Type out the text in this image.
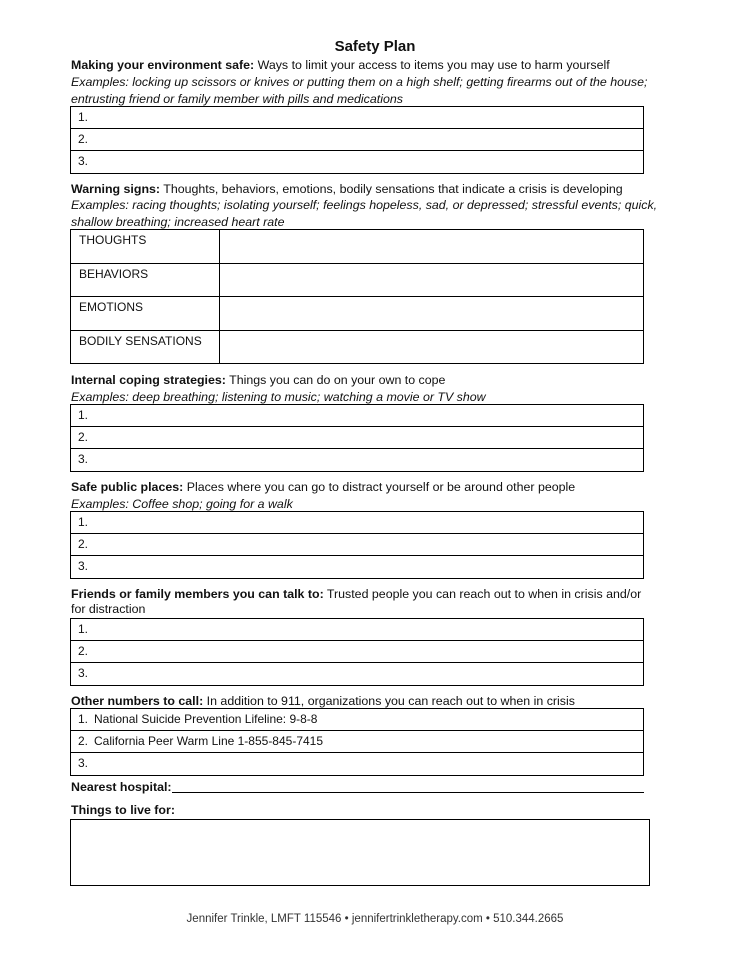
Safety Plan
Making your environment safe: Ways to limit your access to items you may use to harm yourself
Examples: locking up scissors or knives or putting them on a high shelf; getting firearms out of the house; entrusting friend or family member with pills and medications
1.
2.
3.
Warning signs: Thoughts, behaviors, emotions, bodily sensations that indicate a crisis is developing
Examples: racing thoughts; isolating yourself; feelings hopeless, sad, or depressed; stressful events; quick, shallow breathing; increased heart rate
THOUGHTS
BEHAVIORS
EMOTIONS
BODILY SENSATIONS
Internal coping strategies: Things you can do on your own to cope
Examples: deep breathing; listening to music; watching a movie or TV show
1.
2.
3.
Safe public places: Places where you can go to distract yourself or be around other people
Examples: Coffee shop; going for a walk
1.
2.
3.
Friends or family members you can talk to: Trusted people you can reach out to when in crisis and/or for distraction
1.
2.
3.
Other numbers to call: In addition to 911, organizations you can reach out to when in crisis
1. National Suicide Prevention Lifeline: 9-8-8
2. California Peer Warm Line 1-855-845-7415
3.
Nearest hospital:
Things to live for:
Jennifer Trinkle, LMFT 115546 • jennifertrinkletherapy.com • 510.344.2665
